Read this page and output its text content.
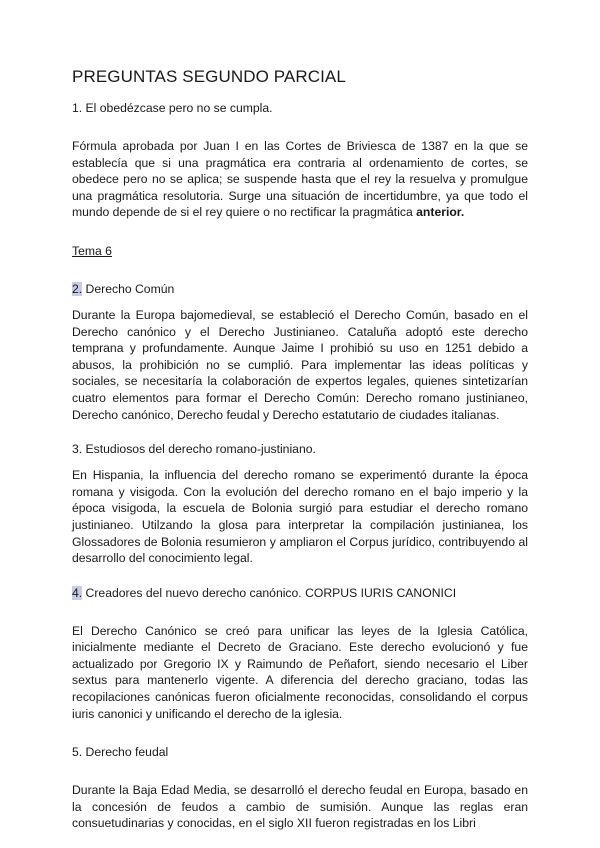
PREGUNTAS SEGUNDO PARCIAL

1. El obedézcase pero no se cumpla.

Fórmula aprobada por Juan I en las Cortes de Briviesca de 1387 en la que se establecía que si una pragmática era contraria al ordenamiento de cortes, se obedece pero no se aplica; se suspende hasta que el rey la resuelva y promulgue una pragmática resolutoria. Surge una situación de incertidumbre, ya que todo el mundo depende de si el rey quiere o no rectificar la pragmática anterior.

Tema 6

2. Derecho Común

Durante la Europa bajomedieval, se estableció el Derecho Común, basado en el Derecho canónico y el Derecho Justinianeo. Cataluña adoptó este derecho temprana y profundamente. Aunque Jaime I prohibió su uso en 1251 debido a abusos, la prohibición no se cumplió. Para implementar las ideas políticas y sociales, se necesitaría la colaboración de expertos legales, quienes sintetizarían cuatro elementos para formar el Derecho Común: Derecho romano justinianeo, Derecho canónico, Derecho feudal y Derecho estatutario de ciudades italianas.

3. Estudiosos del derecho romano-justiniano.

En Hispania, la influencia del derecho romano se experimentó durante la época romana y visigoda. Con la evolución del derecho romano en el bajo imperio y la época visigoda, la escuela de Bolonia surgió para estudiar el derecho romano justinianeo. Utilzando la glosa para interpretar la compilación justinianea, los Glossadores de Bolonia resumieron y ampliaron el Corpus jurídico, contribuyendo al desarrollo del conocimiento legal.

4. Creadores del nuevo derecho canónico. CORPUS IURIS CANONICI

El Derecho Canónico se creó para unificar las leyes de la Iglesia Católica, inicialmente mediante el Decreto de Graciano. Este derecho evolucionó y fue actualizado por Gregorio IX y Raimundo de Peñafort, siendo necesario el Liber sextus para mantenerlo vigente. A diferencia del derecho graciano, todas las recopilaciones canónicas fueron oficialmente reconocidas, consolidando el corpus iuris canonici y unificando el derecho de la iglesia.

5. Derecho feudal

Durante la Baja Edad Media, se desarrolló el derecho feudal en Europa, basado en la concesión de feudos a cambio de sumisión. Aunque las reglas eran consuetudinarias y conocidas, en el siglo XII fueron registradas en los Libri
